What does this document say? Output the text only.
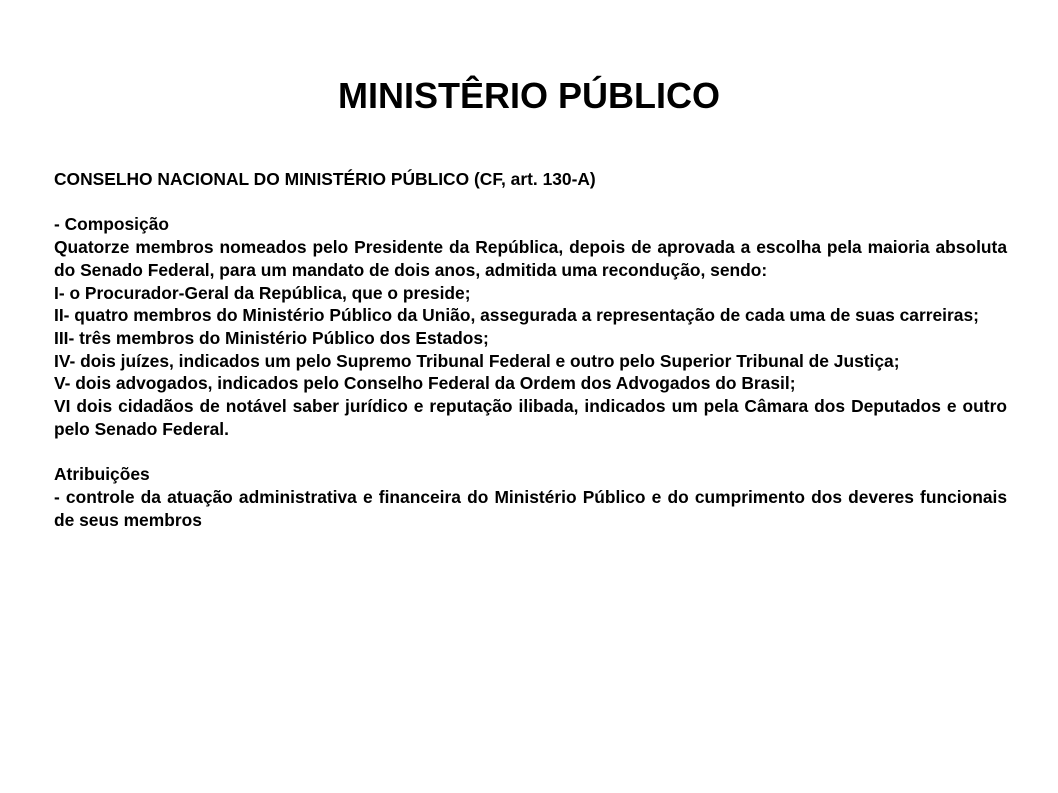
MINISTÊRIO PÚBLICO

CONSELHO NACIONAL DO MINISTÉRIO PÚBLICO (CF, art. 130-A)

- Composição

Quatorze membros nomeados pelo Presidente da República, depois de aprovada a escolha pela maioria absoluta do Senado Federal, para um mandato de dois anos, admitida uma recondução, sendo:

I- o Procurador-Geral da República, que o preside;

II- quatro membros do Ministério Público da União, assegurada a representação de cada uma de suas carreiras;

III- três membros do Ministério Público dos Estados;

IV- dois juízes, indicados um pelo Supremo Tribunal Federal e outro pelo Superior Tribunal de Justiça;

V- dois advogados, indicados pelo Conselho Federal da Ordem dos Advogados do Brasil;

VI dois cidadãos de notável saber jurídico e reputação ilibada, indicados um pela Câmara dos Deputados e outro pelo Senado Federal.

Atribuições

- controle da atuação administrativa e financeira do Ministério Público e do cumprimento dos deveres funcionais de seus membros
